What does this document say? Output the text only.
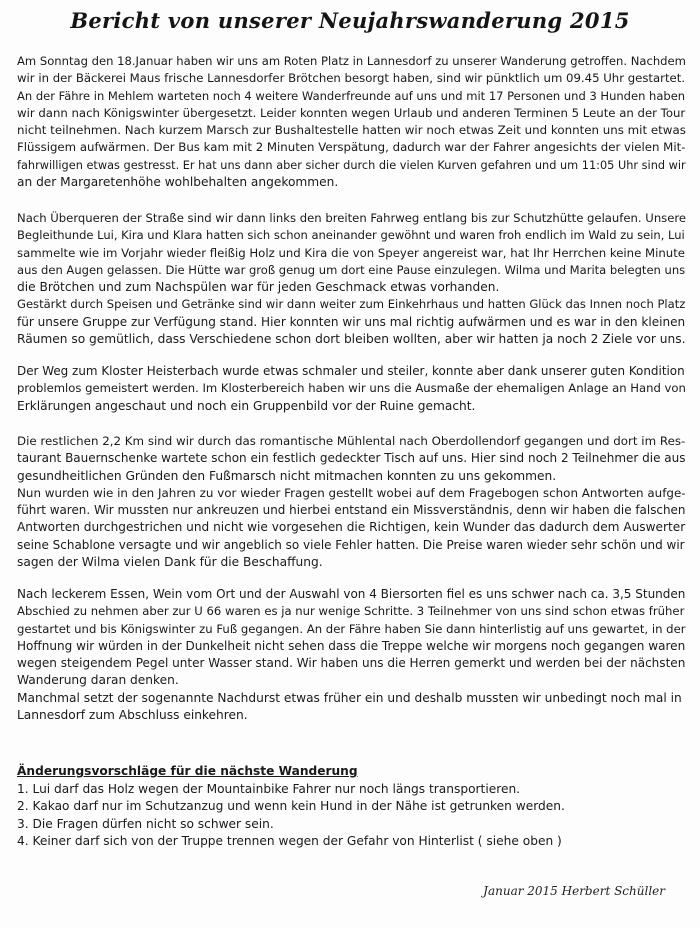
Bericht von unserer Neujahrswanderung 2015

Am Sonntag den 18.Januar haben wir uns am Roten Platz in Lannesdorf zu unserer Wanderung getroffen. Nachdem
wir in der Bäckerei Maus frische Lannesdorfer Brötchen besorgt haben, sind wir pünktlich um 09.45 Uhr gestartet.
An der Fähre in Mehlem warteten noch 4 weitere Wanderfreunde auf uns und mit 17 Personen und 3 Hunden haben
wir dann nach Königswinter übergesetzt. Leider konnten wegen Urlaub und anderen Terminen 5 Leute an der Tour
nicht teilnehmen. Nach kurzem Marsch zur Bushaltestelle hatten wir noch etwas Zeit und konnten uns mit etwas
Flüssigem aufwärmen. Der Bus kam mit 2 Minuten Verspätung, dadurch war der Fahrer angesichts der vielen Mit-
fahrwilligen etwas gestresst. Er hat uns dann aber sicher durch die vielen Kurven gefahren und um 11:05 Uhr sind wir
an der Margaretenhöhe wohlbehalten angekommen.

Nach Überqueren der Straße sind wir dann links den breiten Fahrweg entlang bis zur Schutzhütte gelaufen. Unsere
Begleithunde Lui, Kira und Klara hatten sich schon aneinander gewöhnt und waren froh endlich im Wald zu sein, Lui
sammelte wie im Vorjahr wieder fleißig Holz und Kira die von Speyer angereist war, hat Ihr Herrchen keine Minute
aus den Augen gelassen. Die Hütte war groß genug um dort eine Pause einzulegen. Wilma und Marita belegten uns
die Brötchen und zum Nachspülen war für jeden Geschmack etwas vorhanden.
Gestärkt durch Speisen und Getränke sind wir dann weiter zum Einkehrhaus und hatten Glück das Innen noch Platz
für unsere Gruppe zur Verfügung stand. Hier konnten wir uns mal richtig aufwärmen und es war in den kleinen
Räumen so gemütlich, dass Verschiedene schon dort bleiben wollten, aber wir hatten ja noch 2 Ziele vor uns.

Der Weg zum Kloster Heisterbach wurde etwas schmaler und steiler, konnte aber dank unserer guten Kondition
problemlos gemeistert werden. Im Klosterbereich haben wir uns die Ausmaße der ehemaligen Anlage an Hand von
Erklärungen angeschaut und noch ein Gruppenbild vor der Ruine gemacht.

Die restlichen 2,2 Km sind wir durch das romantische Mühlental nach Oberdollendorf gegangen und dort im Res-
taurant Bauernschenke wartete schon ein festlich gedeckter Tisch auf uns. Hier sind noch 2 Teilnehmer die aus
gesundheitlichen Gründen den Fußmarsch nicht mitmachen konnten zu uns gekommen.
Nun wurden wie in den Jahren zu vor wieder Fragen gestellt wobei auf dem Fragebogen schon Antworten aufge-
führt waren. Wir mussten nur ankreuzen und hierbei entstand ein Missverständnis, denn wir haben die falschen
Antworten durchgestrichen und nicht wie vorgesehen die Richtigen, kein Wunder das dadurch dem Auswerter
seine Schablone versagte und wir angeblich so viele Fehler hatten. Die Preise waren wieder sehr schön und wir
sagen der Wilma vielen Dank für die Beschaffung.

Nach leckerem Essen, Wein vom Ort und der Auswahl von 4 Biersorten fiel es uns schwer nach ca. 3,5 Stunden
Abschied zu nehmen aber zur U 66 waren es ja nur wenige Schritte. 3 Teilnehmer von uns sind schon etwas früher
gestartet und bis Königswinter zu Fuß gegangen. An der Fähre haben Sie dann hinterlistig auf uns gewartet, in der
Hoffnung wir würden in der Dunkelheit nicht sehen dass die Treppe welche wir morgens noch gegangen waren
wegen steigendem Pegel unter Wasser stand. Wir haben uns die Herren gemerkt und werden bei der nächsten
Wanderung daran denken.
Manchmal setzt der sogenannte Nachdurst etwas früher ein und deshalb mussten wir unbedingt noch mal in
Lannesdorf zum Abschluss einkehren.

Änderungsvorschläge für die nächste Wanderung
1. Lui darf das Holz wegen der Mountainbike Fahrer nur noch längs transportieren.
2. Kakao darf nur im Schutzanzug und wenn kein Hund in der Nähe ist getrunken werden.
3. Die Fragen dürfen nicht so schwer sein.
4. Keiner darf sich von der Truppe trennen wegen der Gefahr von Hinterlist ( siehe oben )
Januar 2015 Herbert Schüller
